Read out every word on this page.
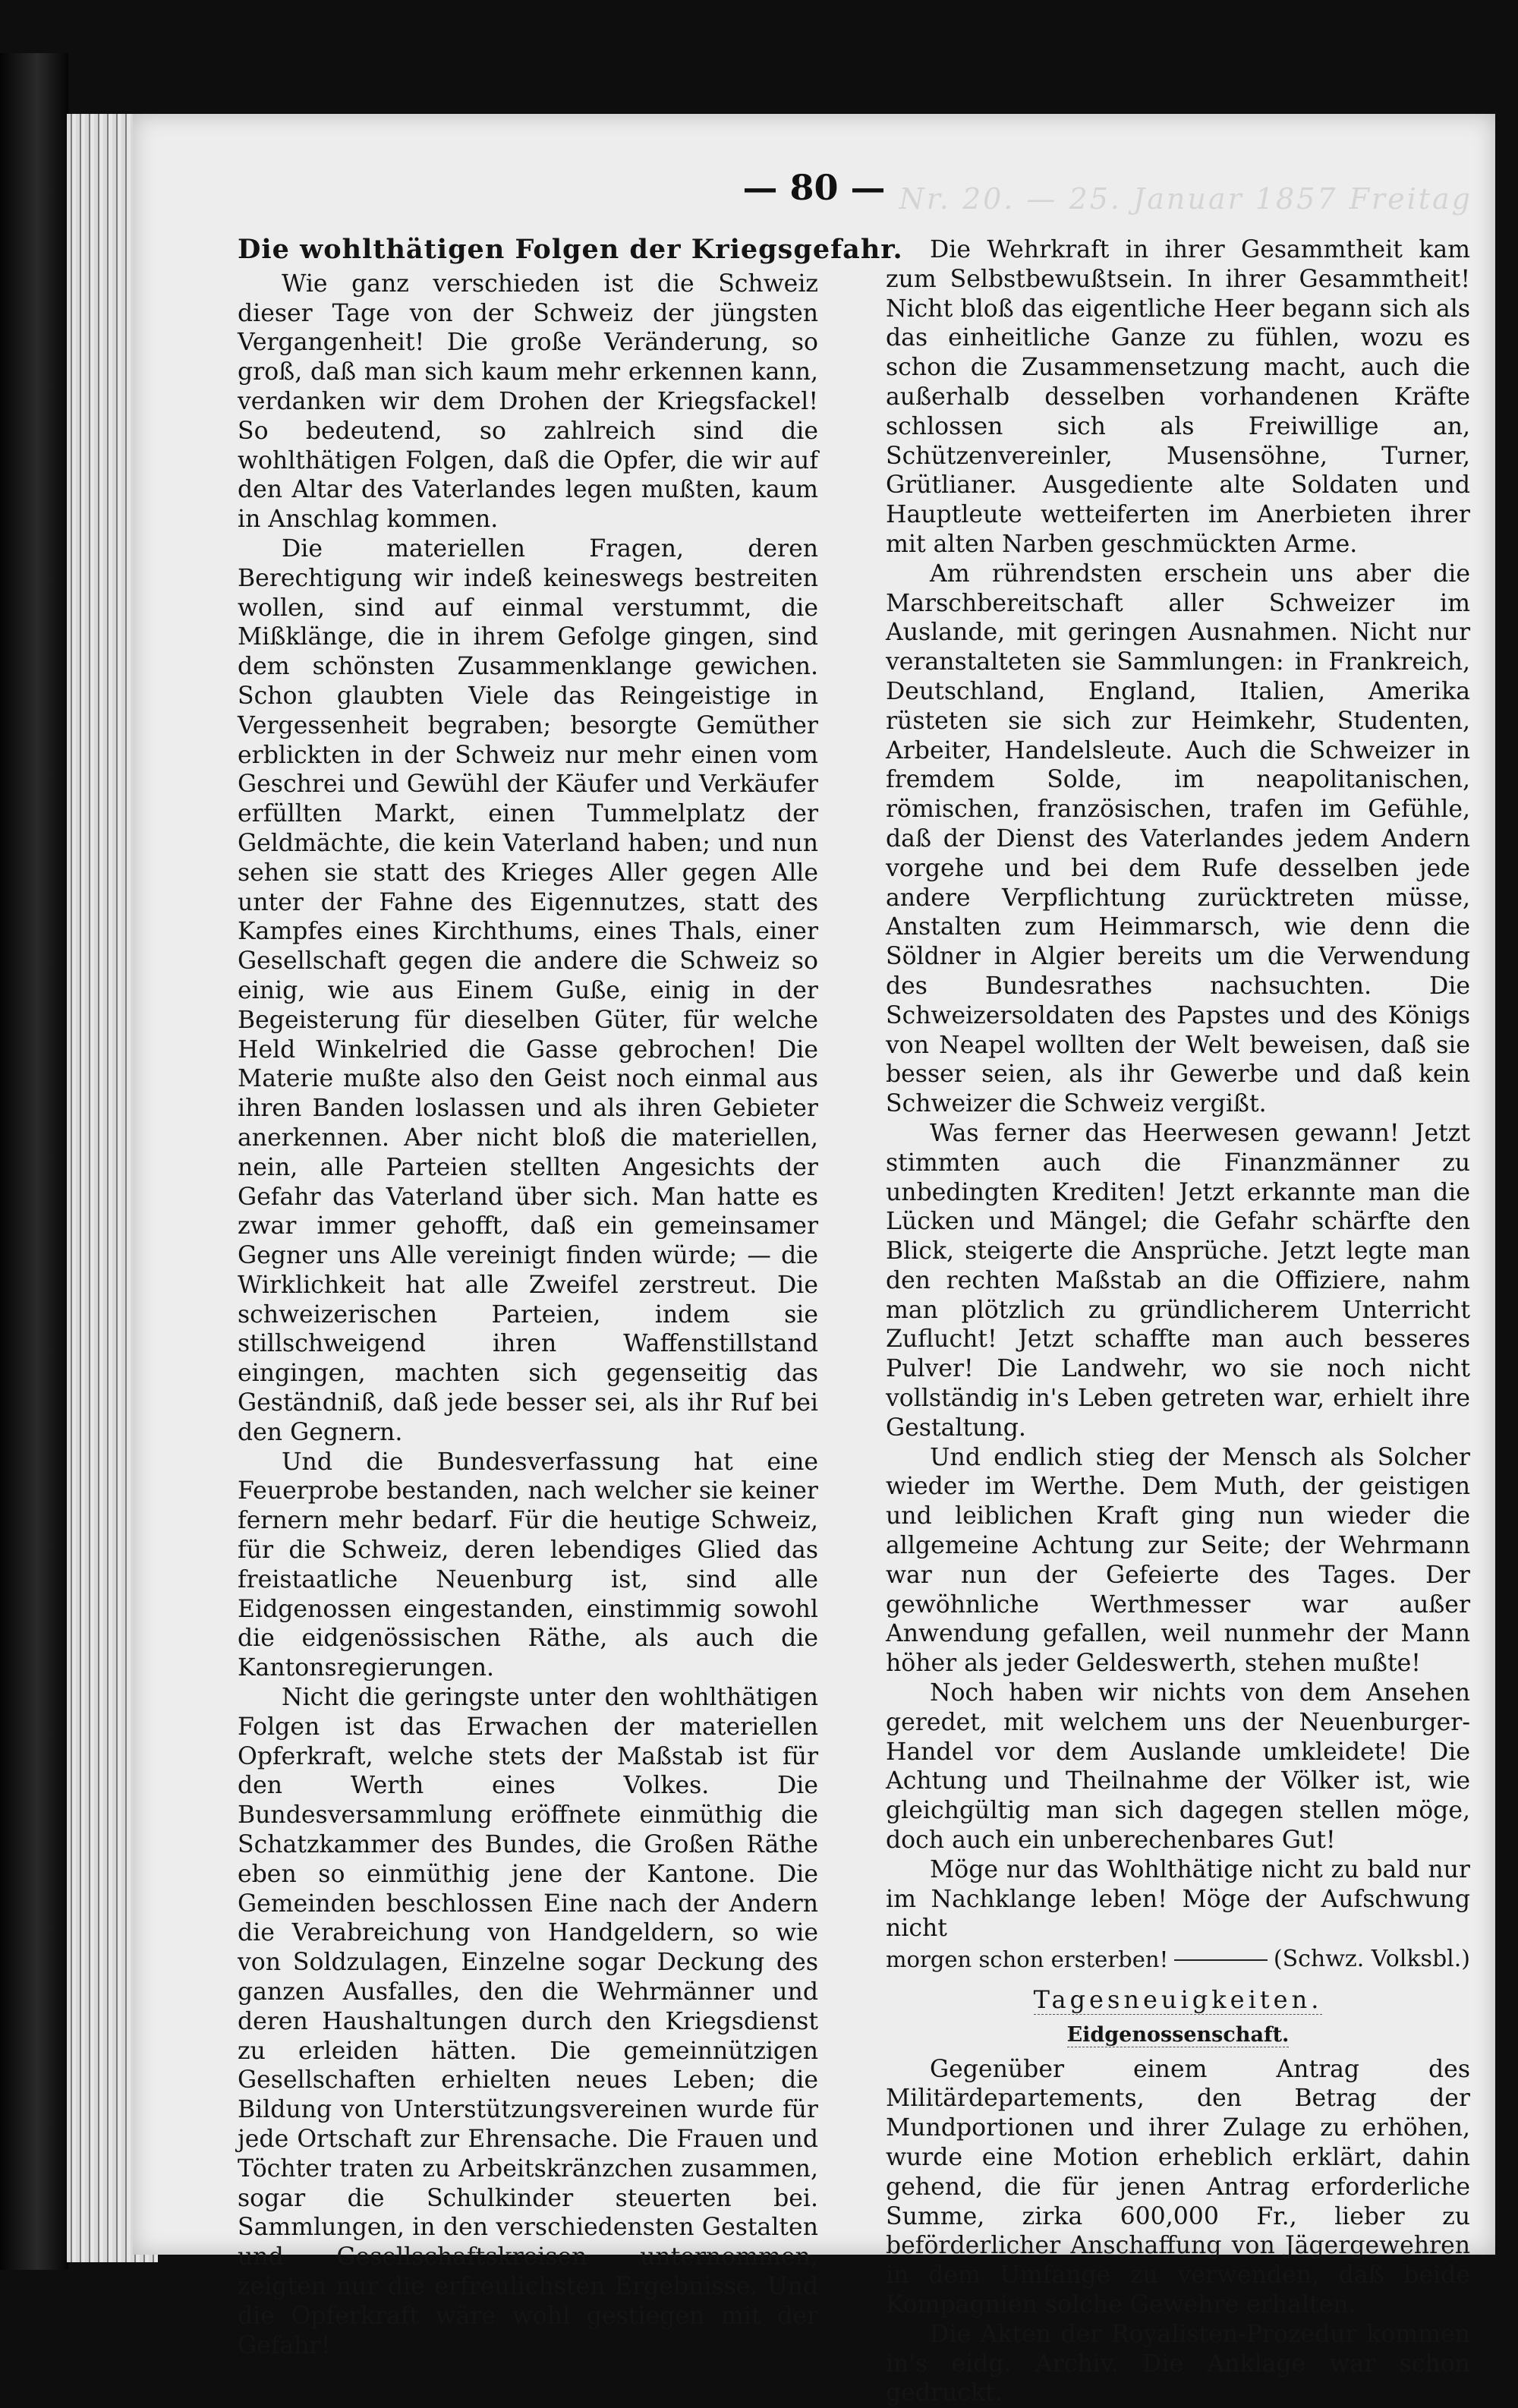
Nr. 20. — 25. Januar 1857 Freitag
— 80 —
Die wohlthätigen Folgen der Kriegsgefahr.

Wie ganz verschieden ist die Schweiz dieser Tage von der Schweiz der jüngsten Vergangenheit! Die große Veränderung, so groß, daß man sich kaum mehr erkennen kann, verdanken wir dem Drohen der Kriegsfackel! So bedeutend, so zahlreich sind die wohlthätigen Folgen, daß die Opfer, die wir auf den Altar des Vaterlandes legen mußten, kaum in Anschlag kommen.

Die materiellen Fragen, deren Berechtigung wir indeß keineswegs bestreiten wollen, sind auf einmal verstummt, die Mißklänge, die in ihrem Gefolge gingen, sind dem schönsten Zusammenklange gewichen. Schon glaubten Viele das Reingeistige in Vergessenheit begraben; besorgte Gemüther erblickten in der Schweiz nur mehr einen vom Geschrei und Gewühl der Käufer und Verkäufer erfüllten Markt, einen Tummelplatz der Geldmächte, die kein Vaterland haben; und nun sehen sie statt des Krieges Aller gegen Alle unter der Fahne des Eigennutzes, statt des Kampfes eines Kirchthums, eines Thals, einer Gesellschaft gegen die andere die Schweiz so einig, wie aus Einem Guße, einig in der Begeisterung für dieselben Güter, für welche Held Winkelried die Gasse gebrochen! Die Materie mußte also den Geist noch einmal aus ihren Banden loslassen und als ihren Gebieter anerkennen. Aber nicht bloß die materiellen, nein, alle Parteien stellten Angesichts der Gefahr das Vaterland über sich. Man hatte es zwar immer gehofft, daß ein gemeinsamer Gegner uns Alle vereinigt finden würde; — die Wirklichkeit hat alle Zweifel zerstreut. Die schweizerischen Parteien, indem sie stillschweigend ihren Waffenstillstand eingingen, machten sich gegenseitig das Geständniß, daß jede besser sei, als ihr Ruf bei den Gegnern.

Und die Bundesverfassung hat eine Feuerprobe bestanden, nach welcher sie keiner fernern mehr bedarf. Für die heutige Schweiz, für die Schweiz, deren lebendiges Glied das freistaatliche Neuenburg ist, sind alle Eidgenossen eingestanden, einstimmig sowohl die eidgenössischen Räthe, als auch die Kantonsregierungen.

Nicht die geringste unter den wohlthätigen Folgen ist das Erwachen der materiellen Opferkraft, welche stets der Maßstab ist für den Werth eines Volkes. Die Bundesversammlung eröffnete einmüthig die Schatzkammer des Bundes, die Großen Räthe eben so einmüthig jene der Kantone. Die Gemeinden beschlossen Eine nach der Andern die Verabreichung von Handgeldern, so wie von Soldzulagen, Einzelne sogar Deckung des ganzen Ausfalles, den die Wehrmänner und deren Haushaltungen durch den Kriegsdienst zu erleiden hätten. Die gemeinnützigen Gesellschaften erhielten neues Leben; die Bildung von Unterstützungsvereinen wurde für jede Ortschaft zur Ehrensache. Die Frauen und Töchter traten zu Arbeitskränzchen zusammen, sogar die Schulkinder steuerten bei. Sammlungen, in den verschiedensten Gestalten und Gesellschaftskreisen unternommen, zeigten nur die erfreulichsten Ergebnisse. Und die Opferkraft wäre wohl gestiegen mit der Gefahr!

Die Wehrkraft in ihrer Gesammtheit kam zum Selbstbewußtsein. In ihrer Gesammtheit! Nicht bloß das eigentliche Heer begann sich als das einheitliche Ganze zu fühlen, wozu es schon die Zusammensetzung macht, auch die außerhalb desselben vorhandenen Kräfte schlossen sich als Freiwillige an, Schützenvereinler, Musensöhne, Turner, Grütlianer. Ausgediente alte Soldaten und Hauptleute wetteiferten im Anerbieten ihrer mit alten Narben geschmückten Arme.

Am rührendsten erschein uns aber die Marschbereitschaft aller Schweizer im Auslande, mit geringen Ausnahmen. Nicht nur veranstalteten sie Sammlungen: in Frankreich, Deutschland, England, Italien, Amerika rüsteten sie sich zur Heimkehr, Studenten, Arbeiter, Handelsleute. Auch die Schweizer in fremdem Solde, im neapolitanischen, römischen, französischen, trafen im Gefühle, daß der Dienst des Vaterlandes jedem Andern vorgehe und bei dem Rufe desselben jede andere Verpflichtung zurücktreten müsse, Anstalten zum Heimmarsch, wie denn die Söldner in Algier bereits um die Verwendung des Bundesrathes nachsuchten. Die Schweizersoldaten des Papstes und des Königs von Neapel wollten der Welt beweisen, daß sie besser seien, als ihr Gewerbe und daß kein Schweizer die Schweiz vergißt.

Was ferner das Heerwesen gewann! Jetzt stimmten auch die Finanzmänner zu unbedingten Krediten! Jetzt erkannte man die Lücken und Mängel; die Gefahr schärfte den Blick, steigerte die Ansprüche. Jetzt legte man den rechten Maßstab an die Offiziere, nahm man plötzlich zu gründlicherem Unterricht Zuflucht! Jetzt schaffte man auch besseres Pulver! Die Landwehr, wo sie noch nicht vollständig in's Leben getreten war, erhielt ihre Gestaltung.

Und endlich stieg der Mensch als Solcher wieder im Werthe. Dem Muth, der geistigen und leiblichen Kraft ging nun wieder die allgemeine Achtung zur Seite; der Wehrmann war nun der Gefeierte des Tages. Der gewöhnliche Werthmesser war außer Anwendung gefallen, weil nunmehr der Mann höher als jeder Geldeswerth, stehen mußte!

Noch haben wir nichts von dem Ansehen geredet, mit welchem uns der Neuenburger-Handel vor dem Auslande umkleidete! Die Achtung und Theilnahme der Völker ist, wie gleichgültig man sich dagegen stellen möge, doch auch ein unberechenbares Gut!

Möge nur das Wohlthätige nicht zu bald nur im Nachklange leben! Möge der Aufschwung nicht

morgen schon ersterben!	(Schwz. Volksbl.)
Tagesneuigkeiten.
Eidgenossenschaft.

Gegenüber einem Antrag des Militärdepartements, den Betrag der Mundportionen und ihrer Zulage zu erhöhen, wurde eine Motion erheblich erklärt, dahin gehend, die für jenen Antrag erforderliche Summe, zirka 600,000 Fr., lieber zu beförderlicher Anschaffung von Jägergewehren in dem Umfange zu verwenden, daß beide Kompagnien solche Gewehre erhalten.

Die Akten der Royalisten-Prozedur kommen in's eidg. Archiv. Die Anklage war schon gedruckt.
